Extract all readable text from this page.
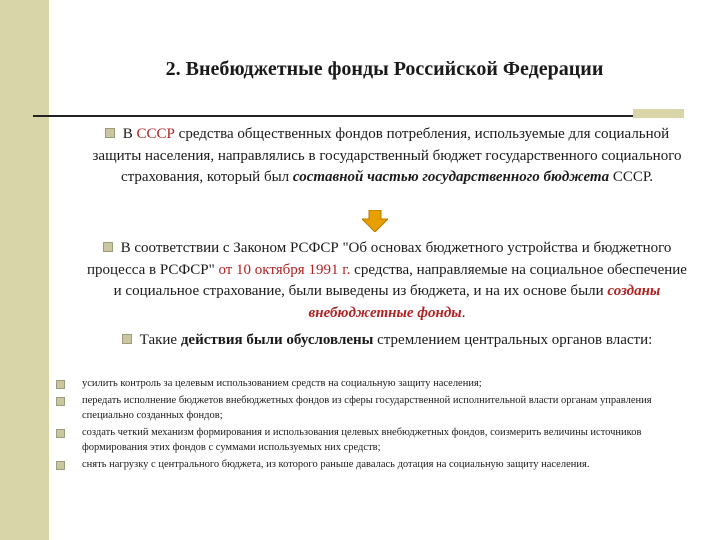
2. Внебюджетные фонды Российской Федерации
В СССР средства общественных фондов потребления, используемые для социальной защиты населения, направлялись в государственный бюджет государственного социального страхования, который был составной частью государственного бюджета СССР.
В соответствии с Законом РСФСР "Об основах бюджетного устройства и бюджетного процесса в РСФСР" от 10 октября 1991 г. средства, направляемые на социальное обеспечение и социальное страхование, были выведены из бюджета, и на их основе были созданы внебюджетные фонды.
Такие действия были обусловлены стремлением центральных органов власти:
усилить контроль за целевым использованием средств на социальную защиту населения;
передать исполнение бюджетов внебюджетных фондов из сферы государственной исполнительной власти органам управления специально созданных фондов;
создать четкий механизм формирования и использования целевых внебюджетных фондов, соизмерить величины источников формирования этих фондов с суммами используемых них средств;
снять нагрузку с центрального бюджета, из которого раньше давалась дотация на социальную защиту населения.
